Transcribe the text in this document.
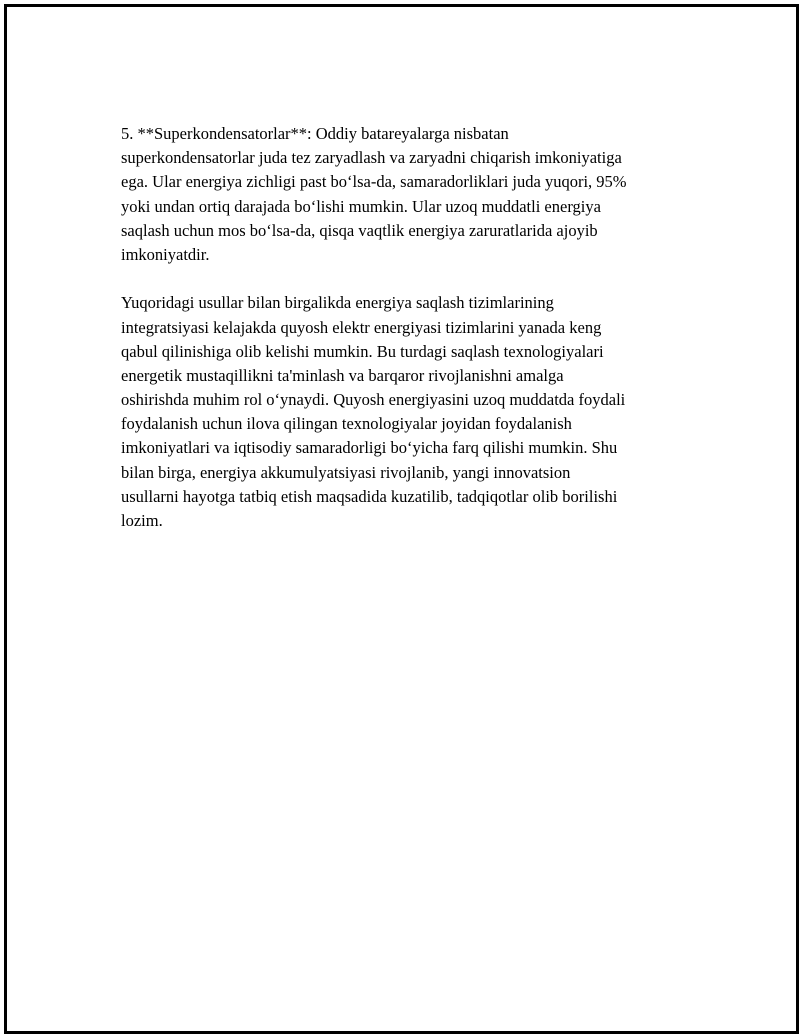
5. **Superkondensatorlar**: Oddiy batareyalarga nisbatan
superkondensatorlar juda tez zaryadlash va zaryadni chiqarish imkoniyatiga
ega. Ular energiya zichligi past bo‘lsa-da, samaradorliklari juda yuqori, 95%
yoki undan ortiq darajada bo‘lishi mumkin. Ular uzoq muddatli energiya
saqlash uchun mos bo‘lsa-da, qisqa vaqtlik energiya zaruratlarida ajoyib
imkoniyatdir.
Yuqoridagi usullar bilan birgalikda energiya saqlash tizimlarining
integratsiyasi kelajakda quyosh elektr energiyasi tizimlarini yanada keng
qabul qilinishiga olib kelishi mumkin. Bu turdagi saqlash texnologiyalari
energetik mustaqillikni ta'minlash va barqaror rivojlanishni amalga
oshirishda muhim rol o‘ynaydi. Quyosh energiyasini uzoq muddatda foydali
foydalanish uchun ilova qilingan texnologiyalar joyidan foydalanish
imkoniyatlari va iqtisodiy samaradorligi bo‘yicha farq qilishi mumkin. Shu
bilan birga, energiya akkumulyatsiyasi rivojlanib, yangi innovatsion
usullarni hayotga tatbiq etish maqsadida kuzatilib, tadqiqotlar olib borilishi
lozim.
